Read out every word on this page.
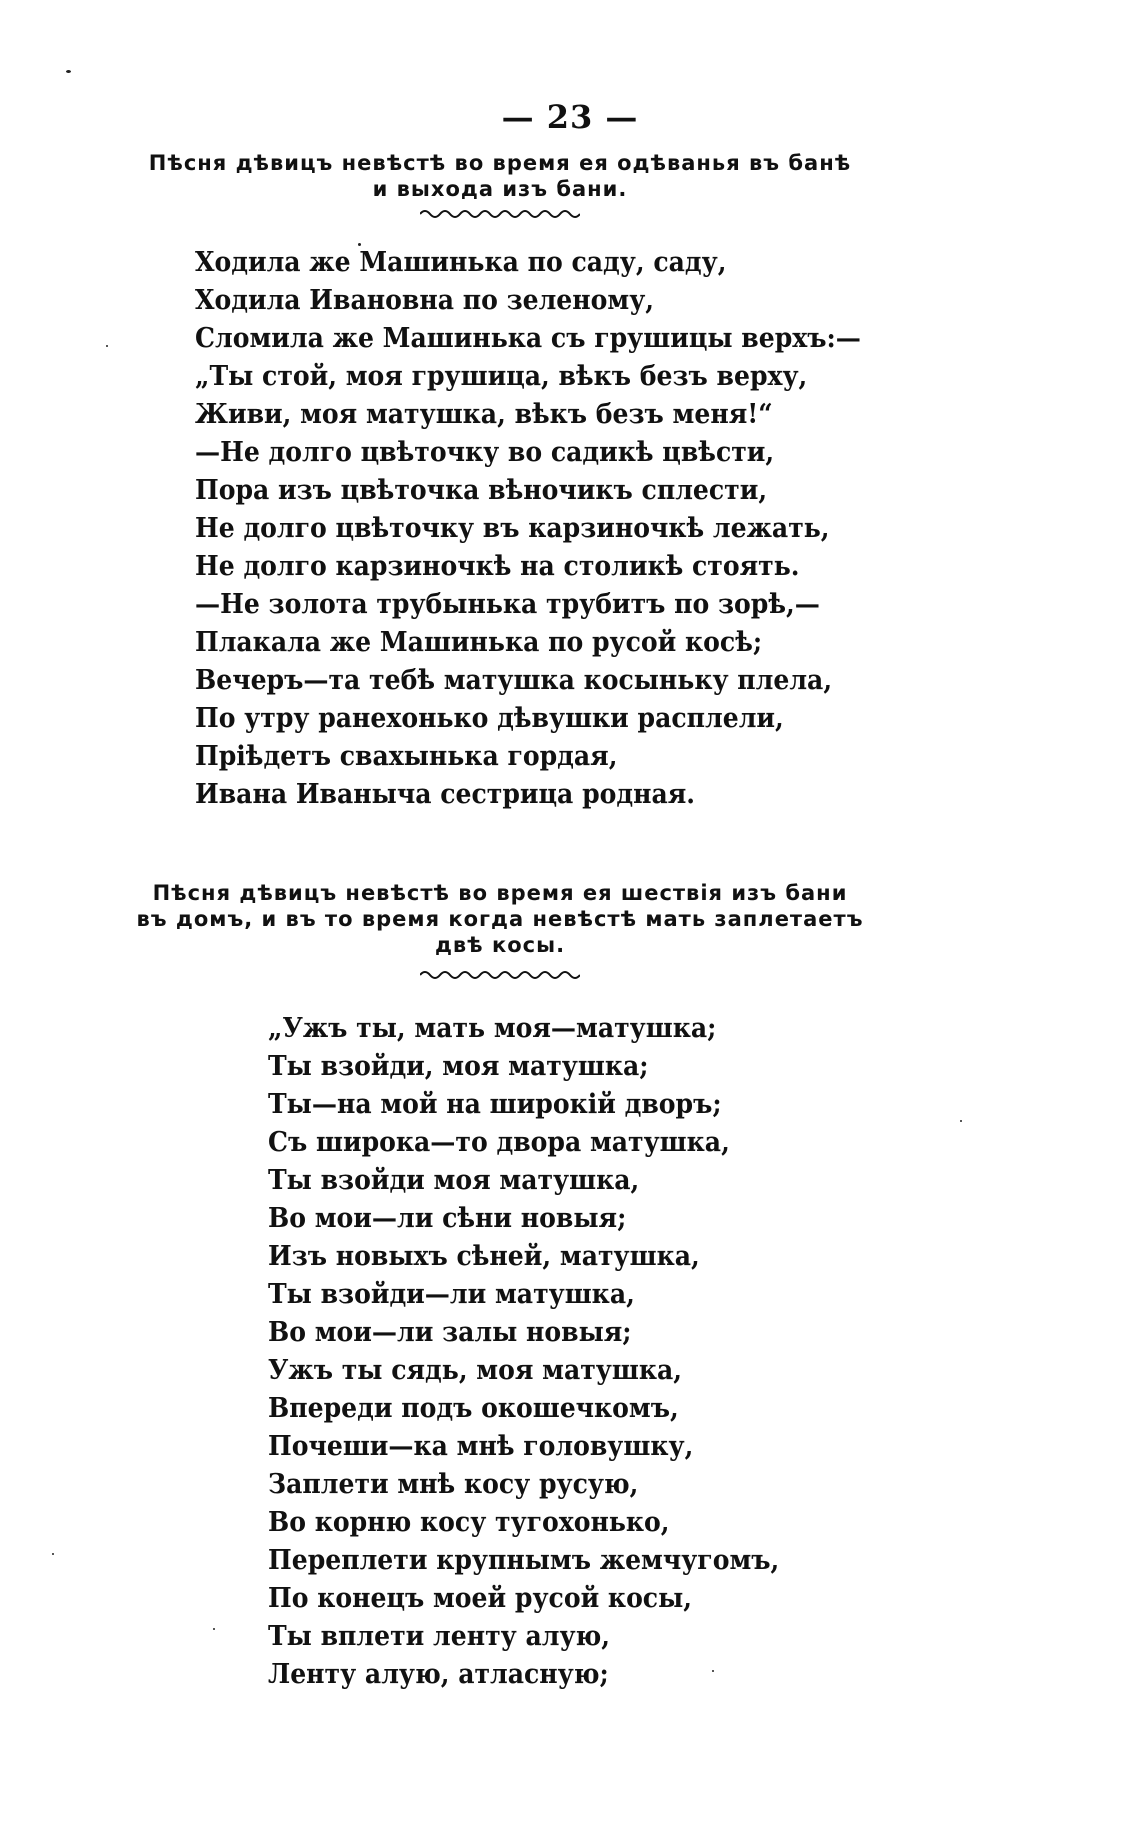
— 23 —
Пѣсня дѣвицъ невѣстѣ во время ея одѣванья въ банѣ
и выхода изъ бани.
Ходила же Машинька по саду, саду,
Ходила Ивановна по зеленому,
Сломила же Машинька съ грушицы верхъ:—
„Ты стой, моя грушица, вѣкъ безъ верху,
Живи, моя матушка, вѣкъ безъ меня!“
—Не долго цвѣточку во садикѣ цвѣсти,
Пора изъ цвѣточка вѣночикъ сплести,
Не долго цвѣточку въ карзиночкѣ лежать,
Не долго карзиночкѣ на столикѣ стоять.
—Не золота трубынька трубитъ по зорѣ,—
Плакала же Машинька по русой косѣ;
Вечеръ—та тебѣ матушка косыньку плела,
По утру ранехонько дѣвушки расплели,
Прiѣдетъ свахынька гордая,
Ивана Иваныча сестрица родная.
Пѣсня дѣвицъ невѣстѣ во время ея шествiя изъ бани
въ домъ, и въ то время когда невѣстѣ мать заплетаетъ
двѣ косы.
„Ужъ ты, мать моя—матушка;
Ты взойди, моя матушка;
Ты—на мой на широкiй дворъ;
Съ широка—то двора матушка,
Ты взойди моя матушка,
Во мои—ли сѣни новыя;
Изъ новыхъ сѣней, матушка,
Ты взойди—ли матушка,
Во мои—ли залы новыя;
Ужъ ты сядь, моя матушка,
Впереди подъ окошечкомъ,
Почеши—ка мнѣ головушку,
Заплети мнѣ косу русую,
Во корню косу тугохонько,
Переплети крупнымъ жемчугомъ,
По конецъ моей русой косы,
Ты вплети ленту алую,
Ленту алую, атласную;
